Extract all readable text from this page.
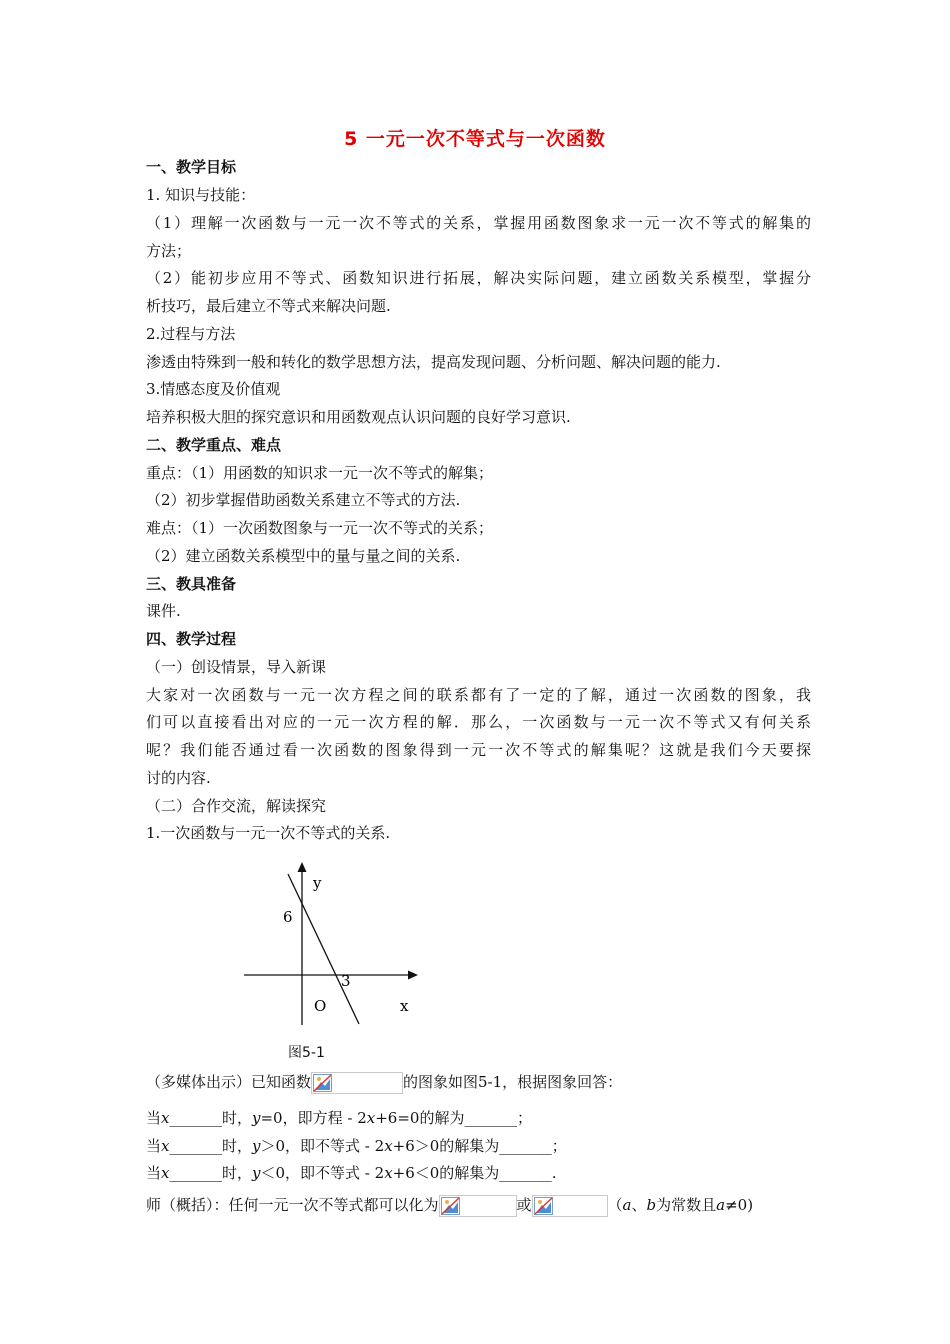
5 一元一次不等式与一次函数
一、教学目标
1. 知识与技能：
（1）理解一次函数与一元一次不等式的关系，掌握用函数图象求一元一次不等式的解集的
方法；
（2）能初步应用不等式、函数知识进行拓展，解决实际问题，建立函数关系模型，掌握分
析技巧，最后建立不等式来解决问题.
2.过程与方法
渗透由特殊到一般和转化的数学思想方法，提高发现问题、分析问题、解决问题的能力.
3.情感态度及价值观
培养积极大胆的探究意识和用函数观点认识问题的良好学习意识.
二、教学重点、难点
重点：（1）用函数的知识求一元一次不等式的解集；
（2）初步掌握借助函数关系建立不等式的方法.
难点：（1）一次函数图象与一元一次不等式的关系；
（2）建立函数关系模型中的量与量之间的关系.
三、教具准备
课件.
四、教学过程
（一）创设情景，导入新课
大家对一次函数与一元一次方程之间的联系都有了一定的了解，通过一次函数的图象，我
们可以直接看出对应的一元一次方程的解．那么，一次函数与一元一次不等式又有何关系
呢？我们能否通过看一次函数的图象得到一元一次不等式的解集呢？这就是我们今天要探
讨的内容.
（二）合作交流，解读探究
1.一次函数与一元一次不等式的关系.
y
6
3
O	x
图5-1
（多媒体出示）已知函数	的图象如图5-1，根据图象回答：
当x_______时，y=0，即方程 - 2x+6=0的解为_______；
当x_______时，y＞0，即不等式 - 2x+6＞0的解集为_______；
当x_______时，y＜0，即不等式 - 2x+6＜0的解集为_______.
师（概括）：任何一元一次不等式都可以化为	或	（a、b为常数且a≠0)
